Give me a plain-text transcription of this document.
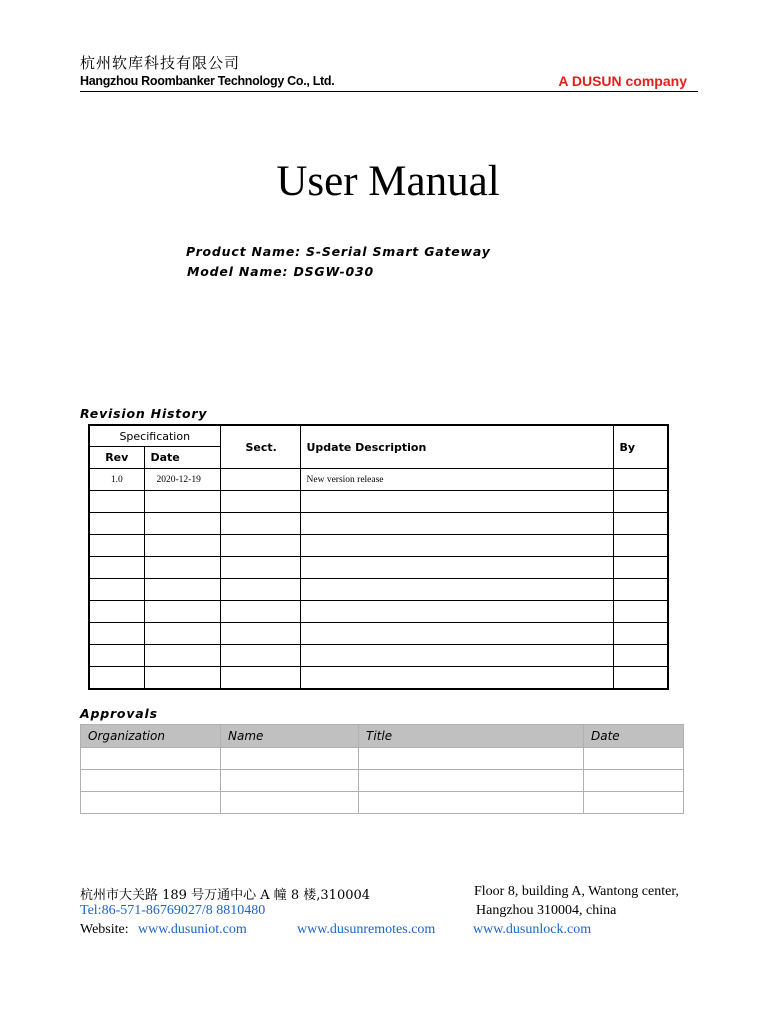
杭州软库科技有限公司
Hangzhou Roombanker Technology Co., Ltd.	A DUSUN company
User Manual
Product Name: S-Serial Smart Gateway
Model Name: DSGW-030
Revision History
Specification		Sect.	Update Description	By
Rev	Date			
1.0	2020-12-19		New version release	

Approvals
Organization	Name	Title	Date

杭州市大关路 189 号万通中心 A 幢 8 楼,310004	Floor 8, building A, Wantong center,
Tel:86-571-86769027/8 8810480	Hangzhou 310004, china
Website: www.dusuniot.com	www.dusunremotes.com	www.dusunlock.com
